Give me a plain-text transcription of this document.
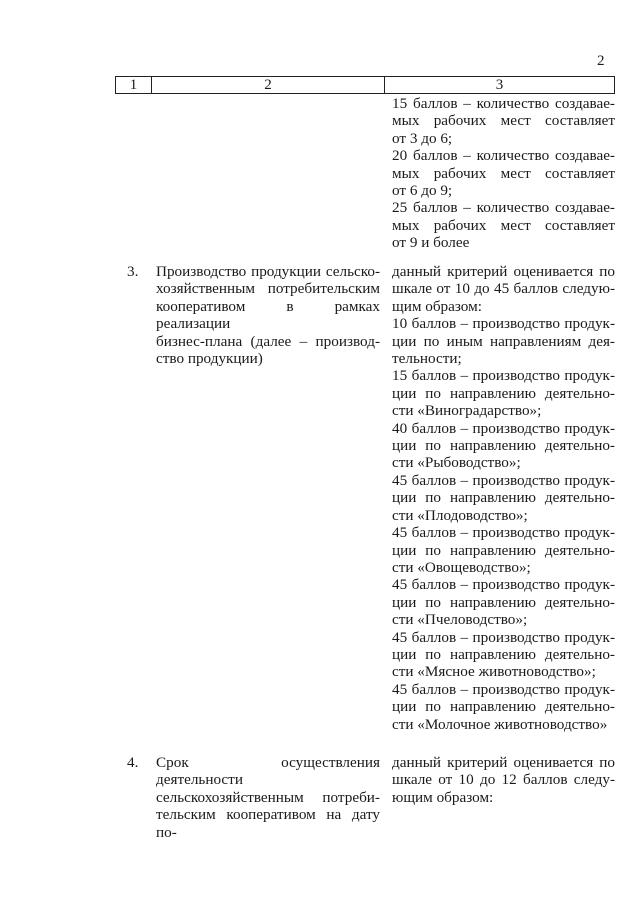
2
1	2	3
15 баллов – количество создавае-
мых рабочих мест составляет
от 3 до 6;
20 баллов – количество создавае-
мых рабочих мест составляет
от 6 до 9;
25 баллов – количество создавае-
мых рабочих мест составляет
от 9 и более
3. Производство продукции сельско-
хозяйственным потребительским
кооперативом в рамках реализации
бизнес-плана (далее – производ-
ство продукции)
данный критерий оценивается по
шкале от 10 до 45 баллов следую-
щим образом:
10 баллов – производство продук-
ции по иным направлениям дея-
тельности;
15 баллов – производство продук-
ции по направлению деятельно-
сти «Виноградарство»;
40 баллов – производство продук-
ции по направлению деятельно-
сти «Рыбоводство»;
45 баллов – производство продук-
ции по направлению деятельно-
сти «Плодоводство»;
45 баллов – производство продук-
ции по направлению деятельно-
сти «Овощеводство»;
45 баллов – производство продук-
ции по направлению деятельно-
сти «Пчеловодство»;
45 баллов – производство продук-
ции по направлению деятельно-
сти «Мясное животноводство»;
45 баллов – производство продук-
ции по направлению деятельно-
сти «Молочное животноводство»
4. Срок осуществления деятельности
сельскохозяйственным потреби-
тельским кооперативом на дату по-
данный критерий оценивается по
шкале от 10 до 12 баллов следу-
ющим образом:
